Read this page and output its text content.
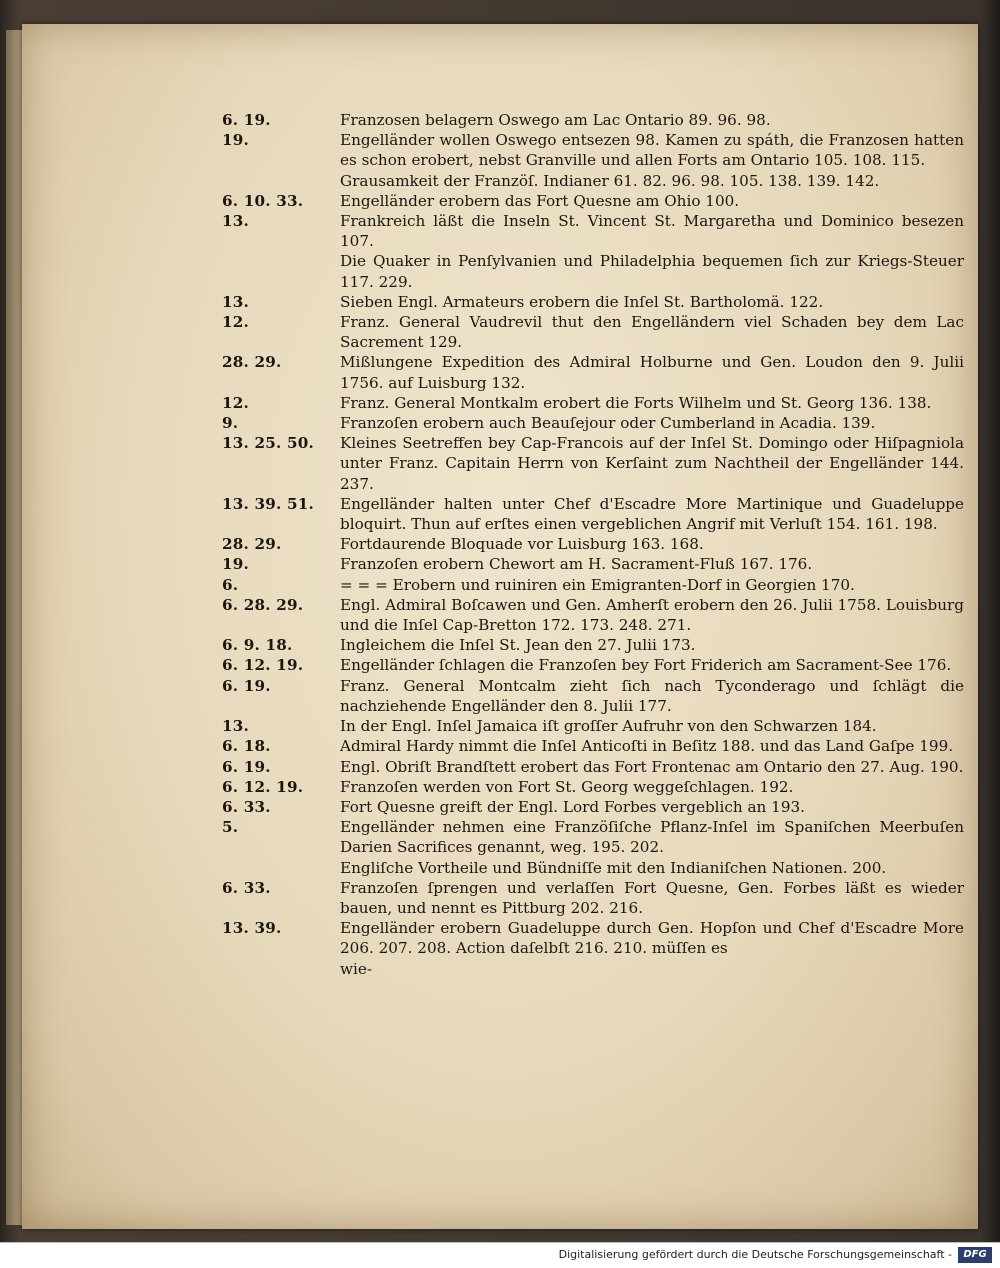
6. 19.	Franzosen belagern Oswego am Lac Ontario 89. 96. 98.
19.	Engelländer wollen Oswego entsezen 98. Kamen zu spáth, die Franzosen hatten es schon erobert, nebst Granville und allen Forts am Ontario 105. 108. 115.
Grausamkeit der Franzöſ. Indianer 61. 82. 96. 98. 105. 138. 139. 142.
6. 10. 33.	Engelländer erobern das Fort Quesne am Ohio 100.
13.	Frankreich läßt die Inseln St. Vincent St. Margaretha und Dominico besezen 107.
Die Quaker in Penſylvanien und Philadelphia bequemen ſich zur Kriegs-Steuer 117. 229.
13.	Sieben Engl. Armateurs erobern die Inſel St. Bartholomä. 122.
12.	Franz. General Vaudrevil thut den Engelländern viel Schaden bey dem Lac Sacrement 129.
28. 29.	Mißlungene Expedition des Admiral Holburne und Gen. Loudon den 9. Julii 1756. auf Luisburg 132.
12.	Franz. General Montkalm erobert die Forts Wilhelm und St. Georg 136. 138.
9.	Franzoſen erobern auch Beauſejour oder Cumberland in Acadia. 139.
13. 25. 50.	Kleines Seetreffen bey Cap-Francois auf der Inſel St. Domingo oder Hiſpagniola unter Franz. Capitain Herrn von Kerſaint zum Nachtheil der Engelländer 144. 237.
13. 39. 51.	Engelländer halten unter Chef d'Escadre More Martinique und Guadeluppe bloquirt. Thun auf erſtes einen vergeblichen Angrif mit Verluſt 154. 161. 198.
28. 29.	Fortdaurende Bloquade vor Luisburg 163. 168.
19.	Franzoſen erobern Chewort am H. Sacrament-Fluß 167. 176.
6.	= = = Erobern und ruiniren ein Emigranten-Dorf in Georgien 170.
6. 28. 29.	Engl. Admiral Boſcawen und Gen. Amherſt erobern den 26. Julii 1758. Louisburg und die Inſel Cap-Bretton 172. 173. 248. 271.
6. 9. 18.	Ingleichem die Inſel St. Jean den 27. Julii 173.
6. 12. 19.	Engelländer ſchlagen die Franzoſen bey Fort Friderich am Sacrament-See 176.
6. 19.	Franz. General Montcalm zieht ſich nach Tyconderago und ſchlägt die nachziehende Engelländer den 8. Julii 177.
13.	In der Engl. Inſel Jamaica iſt groſſer Aufruhr von den Schwarzen 184.
6. 18.	Admiral Hardy nimmt die Inſel Anticoſti in Beſitz 188. und das Land Gaſpe 199.
6. 19.	Engl. Obriſt Brandſtett erobert das Fort Frontenac am Ontario den 27. Aug. 190.
6. 12. 19.	Franzoſen werden von Fort St. Georg weggeſchlagen. 192.
6. 33.	Fort Quesne greift der Engl. Lord Forbes vergeblich an 193.
5.	Engelländer nehmen eine Franzöſiſche Pflanz-Inſel im Spaniſchen Meerbuſen Darien Sacrifices genannt, weg. 195. 202.
Engliſche Vortheile und Bündniſſe mit den Indianiſchen Nationen. 200.
6. 33.	Franzoſen ſprengen und verlaſſen Fort Quesne, Gen. Forbes läßt es wieder bauen, und nennt es Pittburg 202. 216.
13. 39.	Engelländer erobern Guadeluppe durch Gen. Hopſon und Chef d'Escadre More 206. 207. 208. Action daſelbſt 216. 210. müſſen es
wie-
Digitalisierung gefördert durch die Deutsche Forschungsgemeinschaft -	DFG
